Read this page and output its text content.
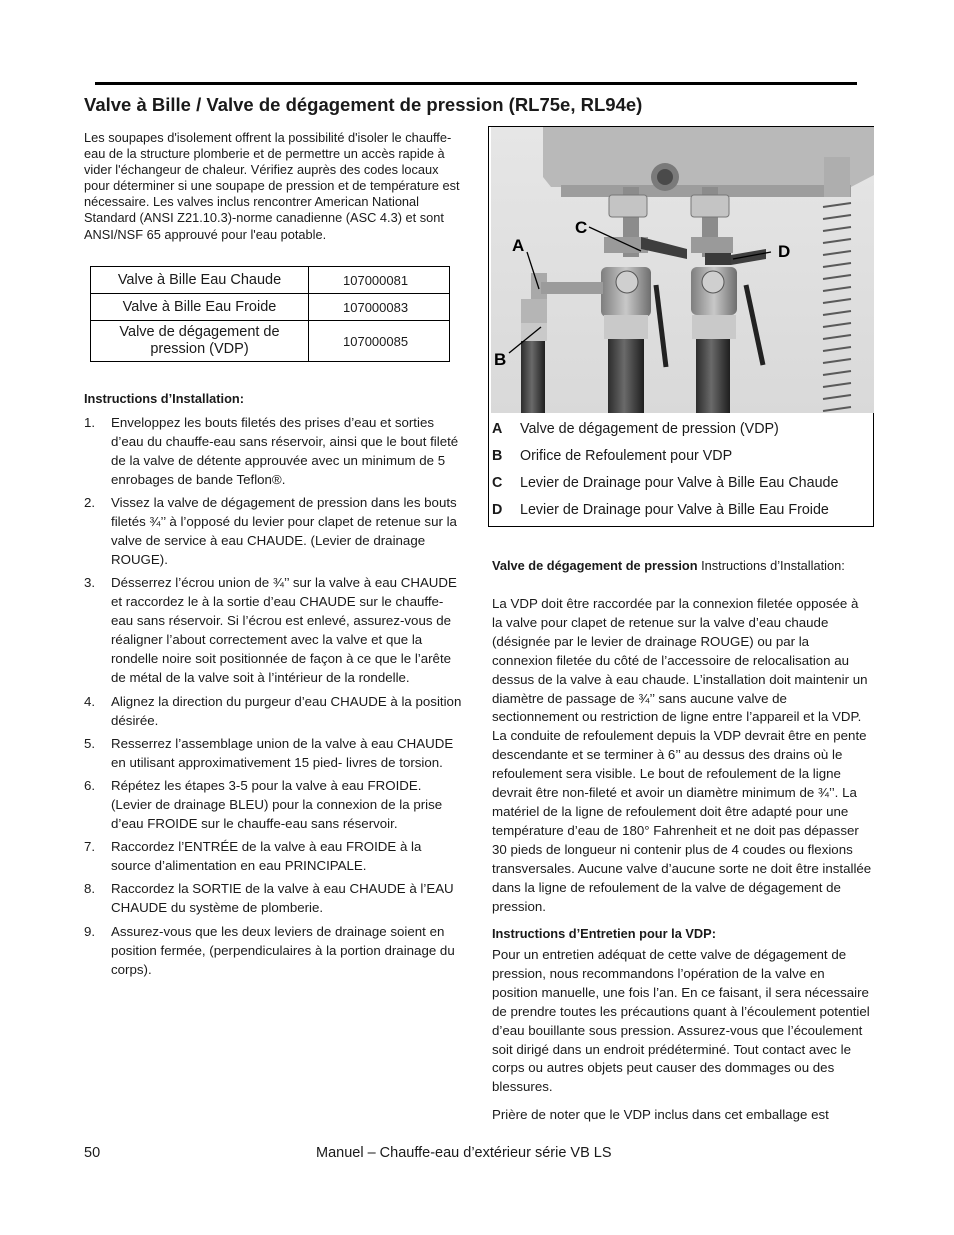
Valve à Bille / Valve de dégagement de pression (RL75e, RL94e)

Les soupapes d'isolement offrent la possibilité d'isoler le chauffe-eau de la structure plomberie et de permettre un accès rapide à vider l'échangeur de chaleur. Vérifiez auprès des codes locaux pour déterminer si une soupape de pression et de température est nécessaire. Les valves inclus rencontrer American National Standard (ANSI Z21.10.3)-norme canadienne (ASC 4.3) et sont ANSI/NSF 65 approuvé pour l'eau potable.

Valve à Bille Eau Chaude	107000081
Valve à Bille Eau Froide	107000083
Valve de dégagement de pression (VDP)	107000085

Instructions d’Installation:

1. Enveloppez les bouts filetés des prises d’eau et sorties d’eau du chauffe-eau sans réservoir, ainsi que le bout fileté de la valve de détente approuvée avec un minimum de 5 enrobages de bande Teflon®.
2. Vissez la valve de dégagement de pression dans les bouts filetés ¾’’ à l’opposé du levier pour clapet de retenue sur la valve de service à eau CHAUDE. (Levier de drainage ROUGE).
3. Désserrez l’écrou union de ¾’’ sur la valve à eau CHAUDE et raccordez le à la sortie d’eau CHAUDE sur le chauffe-eau sans réservoir. Si l’écrou est enlevé, assurez-vous de réaligner l’about correctement avec la valve et que la rondelle noire soit positionnée de façon à ce que le l’arête de métal de la valve soit à l’intérieur de la rondelle.
4. Alignez la direction du purgeur d’eau CHAUDE à la position désirée.
5. Resserrez l’assemblage union de la valve à eau CHAUDE en utilisant approximativement 15 pied- livres de torsion.
6. Répétez les étapes 3-5 pour la valve à eau FROIDE. (Levier de drainage BLEU) pour la connexion de la prise d’eau FROIDE sur le chauffe-eau sans réservoir.
7. Raccordez l’ENTRÉE de la valve à eau FROIDE à la source d’alimentation en eau PRINCIPALE.
8. Raccordez la SORTIE de la valve à eau CHAUDE à l’EAU CHAUDE du système de plomberie.
9. Assurez-vous que les deux leviers de drainage soient en position fermée, (perpendiculaires à la portion drainage du corps).
A
B
C
D
A Valve de dégagement de pression (VDP)
B Orifice de Refoulement pour VDP
C Levier de Drainage pour Valve à Bille Eau Chaude
D Levier de Drainage pour Valve à Bille Eau Froide

Valve de dégagement de pression Instructions d’Installation:

La VDP doit être raccordée par la connexion filetée opposée à la valve pour clapet de retenue sur la valve d’eau chaude (désignée par le levier de drainage ROUGE) ou par la connexion filetée du côté de l’accessoire de relocalisation au dessus de la valve à eau chaude. L’installation doit maintenir un diamètre de passage de ¾’’ sans aucune valve de sectionnement ou restriction de ligne entre l’appareil et la VDP. La conduite de refoulement depuis la VDP devrait être en pente descendante et se terminer à 6’’ au dessus des drains où le refoulement sera visible. Le bout de refoulement de la ligne devrait être non-fileté et avoir un diamètre minimum de ¾’’. La matériel de la ligne de refoulement doit être adapté pour une température d’eau de 180° Fahrenheit et ne doit pas dépasser 30 pieds de longueur ni contenir plus de 4 coudes ou flexions transversales. Aucune valve d’aucune sorte ne doit être installée dans la ligne de refoulement de la valve de dégagement de pression.

Instructions d’Entretien pour la VDP:

Pour un entretien adéquat de cette valve de dégagement de pression, nous recommandons l’opération de la valve en position manuelle, une fois l’an. En ce faisant, il sera nécessaire de prendre toutes les précautions quant à l’écoulement potentiel d’eau bouillante sous pression. Assurez-vous que l’écoulement soit dirigé dans un endroit prédéterminé. Tout contact avec le corps ou autres objets peut causer des dommages ou des blessures.

Prière de noter que le VDP inclus dans cet emballage est

50	Manuel – Chauffe-eau d’extérieur série VB LS
